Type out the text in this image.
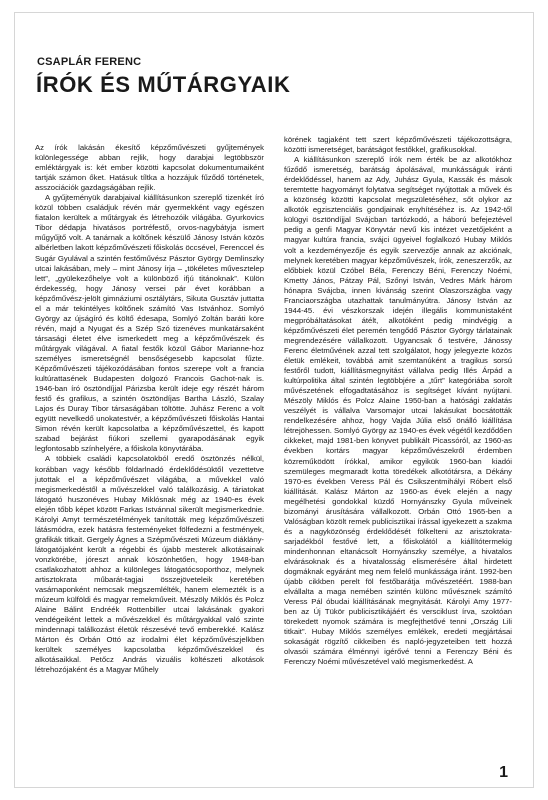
CSAPLÁR FERENC
ÍRÓK ÉS MŰTÁRGYAIK

Az írók lakásán ékesítő képzőművészeti gyűjtemények különlegessége abban rejlik, hogy darabjai legtöbbször emléktárgyak is: két ember közötti kapcsolat dokumentumaiként tartják számon őket. Hatásuk tíltka a hozzájuk fűződő történetek, asszociációk gazdagságában rejlik.

A gyűjteményük darabjaival kiállításunkon szereplő tizenkét író közül többen családjuk révén már gyermekként vagy egészen fiatalon kerültek a műtárgyak és létrehozóik világába. Gyurkovics Tibor dédapja hivatásos portréfestő, orvos-nagybátyja ismert műgyűjtő volt. A tanárnak a költőnek készülő Jánosy István közös albérletben lakott képzőművészeti főiskolás öccsével, Ferenccel és Sugár Gyulával a szintén festőművész Pásztor György Demlinszky utcai lakásában, mely – mint Jánosy írja – „tökéletes műveszteleр lett”, „gyülekezőhelye volt a különböző ifjú titánoknak”. Külön érdekesség, hogy Jánosy versei pár évet korábban a képzőművész-jelölt gimnáziumi osztálytárs, Sikuta Gusztáv juttatta el a már tekintélyes költőnek számító Vas Istvánhoz. Somlyó György az újságíró és költő édesapa, Somlyó Zoltán baráti köre révén, majd a Nyugat és a Szép Szó tizenéves munkatársaként társasági életet élve ismerkedett meg a képzőművészek és műtárgyak világával. A fiatal festők közül Gábor Marianne-hoz személyes ismeretségnél bensőségesebb kapcsolat fűzte. Képzőművészeti tájékozódásában fontos szerepe volt a francia kultúrattasének Budapesten dolgozó Francois Gachot-nak is. 1946-ban író ösztöndíjjal Párizsba került ideje egy részét három festő és grafikus, a szintén ösztöndíjas Bartha László, Szalay Lajos és Duray Tibor társaságában töltötte. Juhász Ferenc a volt együtt nevelkedő unokatestvér, a képzőművészeti főiskolás Hantai Simon révén került kapcsolatba a képzőművészettel, és kapott szabad bejárást fiúkori szellemi gyarapodásának egyik legfontosabb színhelyére, a főiskola könyvtárába.

A többiek családi kapcsolatokból eredő ösztönzés nélkül, korábban vagy később földarlnadó érdeklődésüktől vezettetve jutottak el a képzőművészet világába, a művekkel való megismerkedéstől a művészekkel való találkozásig. A táriatokat látogató huszonéves Hubay Miklósnak még az 1940-es évek elején tőbb képet között Farkas Istvánnal sikerült megismerkednie. Károlyi Amyt természetélmények tanították meg képzőművészeti látásmódra, ezek hatásra festeményeket fölfedezni a festmények, grafikák titkait. Gergely Ágnes a Szépművészeti Múzeum diáklány-látogatójaként került a régebbi és újabb mesterek alkotásainak vonzkörébe, jóreszt annak köszönhetően, hogy 1948-ban csatlakozhatott ahhoz a különleges látogatócsoporthoz, melynek artisztokrata műbarát-tagjai összejöveteleik keretében vasárnaponként nemcsak megszemlélték, hanem elemezték is a múzeum külföldi és magyar remekműveit. Mészöly Miklós és Polcz Alaine Bálint Endréék Rottenbiller utcai lakásának gyakori vendégeiként lettek a művészekkel és műtárgyakkal való szinte mindennapi találkozást életük részesévé tevő emberekké. Kalász Márton és Orbán Ottó az irodalmi élet képzőművészjelkben kerültek személyes kapcsolatba képzőművészekkel és alkotásaikkal. Petőcz András vizuális költészeti alkotások létrehozójaként és a Magyar Műhely

körének tagjaként tett szert képzőművészeti tájékozottságra, közötti ismeretséget, barátságot festőkkel, grafikusokkal.

A kiállításunkon szereplő írók nem érték be az alkotókhoz fűződő ismeretség, barátság ápolásával, munkásságuk iránti érdeklődéssel, hanem az Ady, Juhász Gyula, Kassák és mások teremtette hagyományt folytatva segítséget nyújtottak a művek és a közönség közötti kapcsolat megszületéséhez, sőt olykor az alkotók egzisztenciális gondjainak enyhítéséhez is. Az 1942-től külügyi ösztöndíjjal Svájcban tartózkodó, a háború befejeztével pedig a genfi Magyar Könyvtár nevű kis intézet vezetőjeként a magyar kultúra francia, svájci ügyeivel foglalkozó Hubay Miklós volt a kezdeményezője és egyik szervezője annak az akciónak, melynek keretében magyar képzőművészek, írók, zeneszerzők, az előbbiek közül Czóbel Béla, Ferenczy Béni, Ferenczy Noémi, Kmetty János, Pátzay Pál, Szőnyi István, Vedres Márk három hónapra Svájcba, innen kivánság szerint Olaszországba vagy Franciaországba utazhattak tanulmányútra. Jánosy István az 1944-45. évi vészkorszak idején illegális kommunistaként megpróbáltatásokat átélt, alkotóként pedig mindvégig a képzőművészeti élet peremén tengődő Pásztor György tárlatainak megrendezésére vállalkozott. Ugyancsak ő testvére, Jánossy Ferenc életművének azzal tett szolgálatot, hogy jelegyezte közös életük emlékeit, továbbá amit szemtanúként a tragikus sorsú festőről tudott, kiállításmegnyitást vállalva pedig Illés Árpád a kultúrpolitika által szintén legtöbbjére a „tűrt” kategóriába sorolt művészetének elfogadtatásához is segítséget kívánt nyújtani. Mészöly Miklós és Polcz Alaine 1950-ban a hatósági zaklatás veszélyét is vállalva Varsomajor utcai lakásukat bocsátották rendelkezésére ahhoz, hogy Vajda Júlia első önálló kiállítása létrejöhessen. Somlyó György az 1940-es évek végétől kezdődően cikkeket, majd 1981-ben könyvet publikált Picassóról, az 1960-as években kortárs magyar képzőművészekről érdemben közreműködött írókkal, amikor egyikük 1960-ban kiadói szemüleges megmaradt kotta töredékek alkotótársra, a Dékány 1970-es években Veress Pál és Csikszentmihályi Róbert első kiállítását. Kalász Márton az 1960-as évek elején a nagy megélhetési gondokkal küzdő Hornyánszky Gyula műveinek bizományi árusítására vállalkozott. Orbán Ottó 1965-ben a Valóságban közölt remek publicisztikai írással igyekezett a szakma és a nagyközönség érdeklődését fölkelteni az arisztokrata-sarjadékból festővé lett, a főiskolától a kiállítótermekig mindenhonnan eltanácsolt Hornyánszky személye, a hivatalos elvárásoknak és a hivatalosság elismerésére által hirdetett dogmáknak egyáránt meg nem felelő munkássága iránt. 1992-ben újabb cikkben perelt föl festőbarátja művészetéért. 1988-ban elvállalta a maga nemében szintén különc művésznek számító Veress Pál óbudai kiállításának megnyitását. Károlyi Amy 1977-ben az Új Tükör publicisztikájáért és versciklust írva, szoktóan törekedett nyomok számára is megfejthetővé tenni „Ország Lili titkait”. Hubay Miklós személyes emlékek, eredeti megjártásai sokaságát rögzítő cikkeiben és napló-jegyzeteiben tett hozzá olvasói számára élménnyi igérővé tenni a Ferenczy Béni és Ferenczy Noémi művészetével való megismerkedést. A

1
